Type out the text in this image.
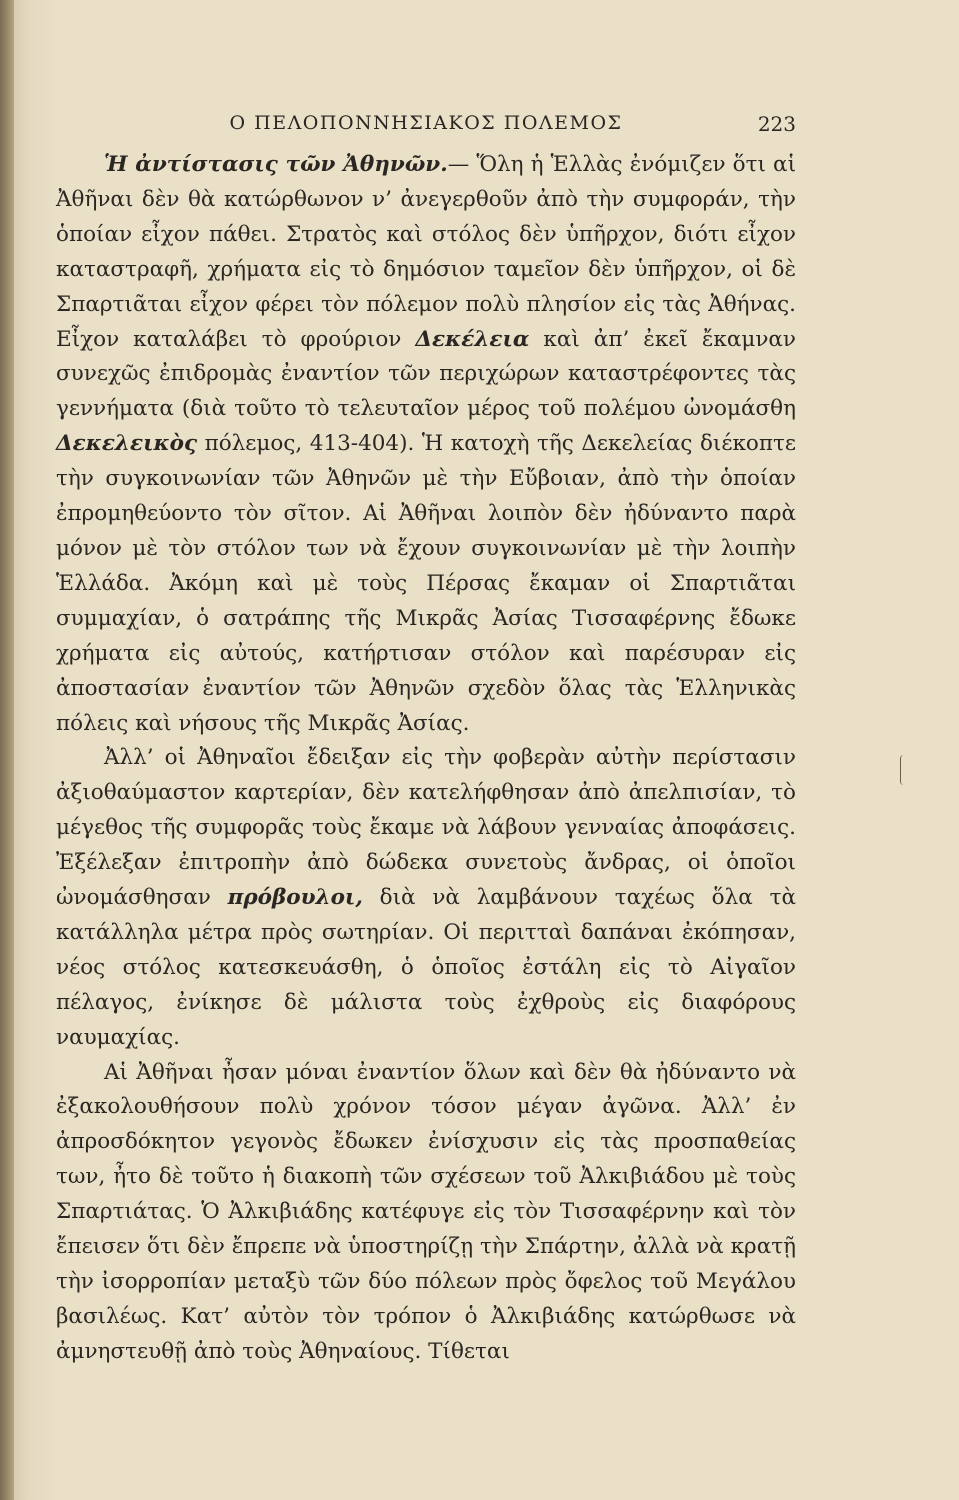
Ο ΠΕΛΟΠΟΝΝΗΣΙΑΚΟΣ ΠΟΛΕΜΟΣ	223

Ἡ ἀντίστασις τῶν Ἀθηνῶν.— Ὅλη ἡ Ἑλλὰς ἐνόμιζεν ὅτι αἱ Ἀθῆναι δὲν θὰ κατώρθωνον ν’ ἀνεγερθοῦν ἀπὸ τὴν συμφοράν, τὴν ὁποίαν εἶχον πάθει. Στρατὸς καὶ στόλος δὲν ὑπῆρχον, διότι εἶχον καταστραφῆ, χρήματα εἰς τὸ δημόσιον ταμεῖον δὲν ὑπῆρχον, οἱ δὲ Σπαρτιᾶται εἶχον φέρει τὸν πόλεμον πολὺ πλησίον εἰς τὰς Ἀθήνας. Εἶχον καταλάβει τὸ φρούριον Δεκέλεια καὶ ἀπ’ ἐκεῖ ἔκαμναν συνεχῶς ἐπιδρομὰς ἐναντίον τῶν περιχώρων καταστρέφοντες τὰς γεννήματα (διὰ τοῦτο τὸ τελευταῖον μέρος τοῦ πολέμου ὠνομάσθη Δεκελεικὸς πόλεμος, 413-404). Ἡ κατοχὴ τῆς Δεκελείας διέκοπτε τὴν συγκοινωνίαν τῶν Ἀθηνῶν μὲ τὴν Εὔβοιαν, ἀπὸ τὴν ὁποίαν ἐπρομηθεύοντο τὸν σῖτον. Αἱ Ἀθῆναι λοιπὸν δὲν ἠδύναντο παρὰ μόνον μὲ τὸν στόλον των νὰ ἔχουν συγκοινωνίαν μὲ τὴν λοιπὴν Ἑλλάδα. Ἀκόμη καὶ μὲ τοὺς Πέρσας ἔκαμαν οἱ Σπαρτιᾶται συμμαχίαν, ὁ σατράπης τῆς Μικρᾶς Ἀσίας Τισσαφέρνης ἔδωκε χρήματα εἰς αὐτούς, κατήρτισαν στόλον καὶ παρέσυραν εἰς ἀποστασίαν ἐναντίον τῶν Ἀθηνῶν σχεδὸν ὅλας τὰς Ἑλληνικὰς πόλεις καὶ νήσους τῆς Μικρᾶς Ἀσίας.

Ἀλλ’ οἱ Ἀθηναῖοι ἔδειξαν εἰς τὴν φοβερὰν αὐτὴν περίστασιν ἀξιοθαύμαστον καρτερίαν, δὲν κατελήφθησαν ἀπὸ ἀπελπισίαν, τὸ μέγεθος τῆς συμφορᾶς τοὺς ἔκαμε νὰ λάβουν γενναίας ἀποφάσεις. Ἐξέλεξαν ἐπιτροπὴν ἀπὸ δώδεκα συνετοὺς ἄνδρας, οἱ ὁποῖοι ὠνομάσθησαν πρόβουλοι, διὰ νὰ λαμβάνουν ταχέως ὅλα τὰ κατάλληλα μέτρα πρὸς σωτηρίαν. Οἱ περιτταὶ δαπάναι ἐκόπησαν, νέος στόλος κατεσκευάσθη, ὁ ὁποῖος ἐστάλη εἰς τὸ Αἰγαῖον πέλαγος, ἐνίκησε δὲ μάλιστα τοὺς ἐχθροὺς εἰς διαφόρους ναυμαχίας.

Αἱ Ἀθῆναι ἦσαν μόναι ἐναντίον ὅλων καὶ δὲν θὰ ἠδύναντο νὰ ἐξακολουθήσουν πολὺ χρόνον τόσον μέγαν ἀγῶνα. Ἀλλ’ ἐν ἀπροσδόκητον γεγονὸς ἔδωκεν ἐνίσχυσιν εἰς τὰς προσπαθείας των, ἦτο δὲ τοῦτο ἡ διακοπὴ τῶν σχέσεων τοῦ Ἀλκιβιάδου μὲ τοὺς Σπαρτιάτας. Ὁ Ἀλκιβιάδης κατέφυγε εἰς τὸν Τισσαφέρνην καὶ τὸν ἔπεισεν ὅτι δὲν ἔπρεπε νὰ ὑποστηρίζῃ τὴν Σπάρτην, ἀλλὰ νὰ κρατῇ τὴν ἰσορροπίαν μεταξὺ τῶν δύο πόλεων πρὸς ὄφελος τοῦ Μεγάλου βασιλέως. Κατ’ αὐτὸν τὸν τρόπον ὁ Ἀλκιβιάδης κατώρθωσε νὰ ἀμνηστευθῇ ἀπὸ τοὺς Ἀθηναίους. Τίθεται
